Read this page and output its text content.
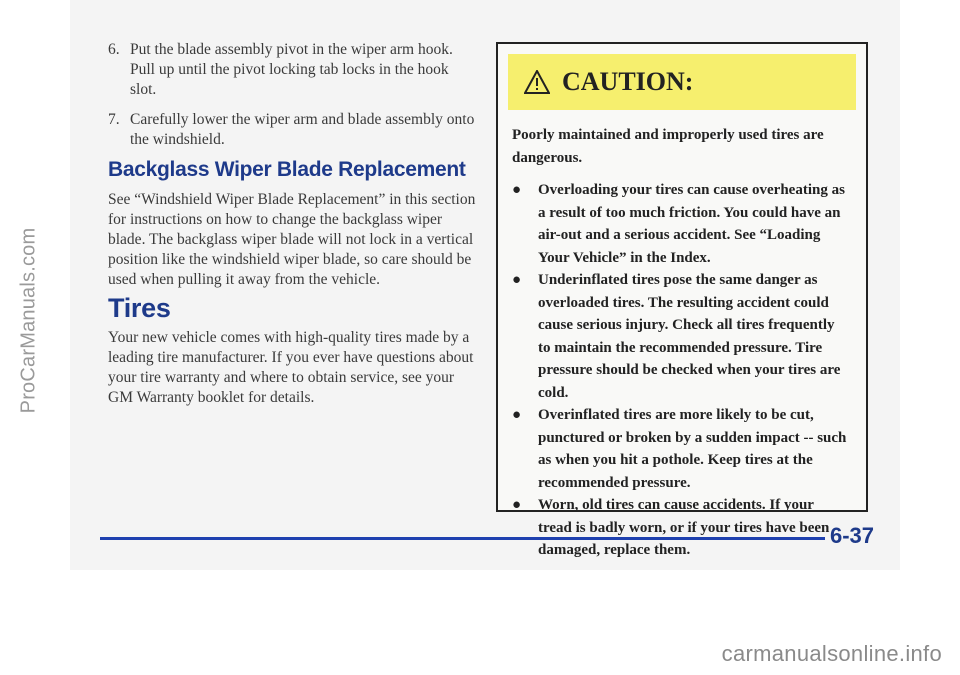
ProCarManuals.com
6. Put the blade assembly pivot in the wiper arm hook. Pull up until the pivot locking tab locks in the hook slot.
7. Carefully lower the wiper arm and blade assembly onto the windshield.
Backglass Wiper Blade Replacement

See “Windshield Wiper Blade Replacement” in this section for instructions on how to change the backglass wiper blade. The backglass wiper blade will not lock in a vertical position like the windshield wiper blade, so care should be used when pulling it away from the vehicle.

Tires

Your new vehicle comes with high-quality tires made by a leading tire manufacturer. If you ever have questions about your tire warranty and where to obtain service, see your GM Warranty booklet for details.

CAUTION:

Poorly maintained and improperly used tires are dangerous.

●	Overloading your tires can cause overheating as a result of too much friction. You could have an air-out and a serious accident. See “Loading Your Vehicle” in the Index.
●	Underinflated tires pose the same danger as overloaded tires. The resulting accident could cause serious injury. Check all tires frequently to maintain the recommended pressure. Tire pressure should be checked when your tires are cold.
●	Overinflated tires are more likely to be cut, punctured or broken by a sudden impact -- such as when you hit a pothole. Keep tires at the recommended pressure.
●	Worn, old tires can cause accidents. If your tread is badly worn, or if your tires have been damaged, replace them.
6-37
carmanualsonline.info
